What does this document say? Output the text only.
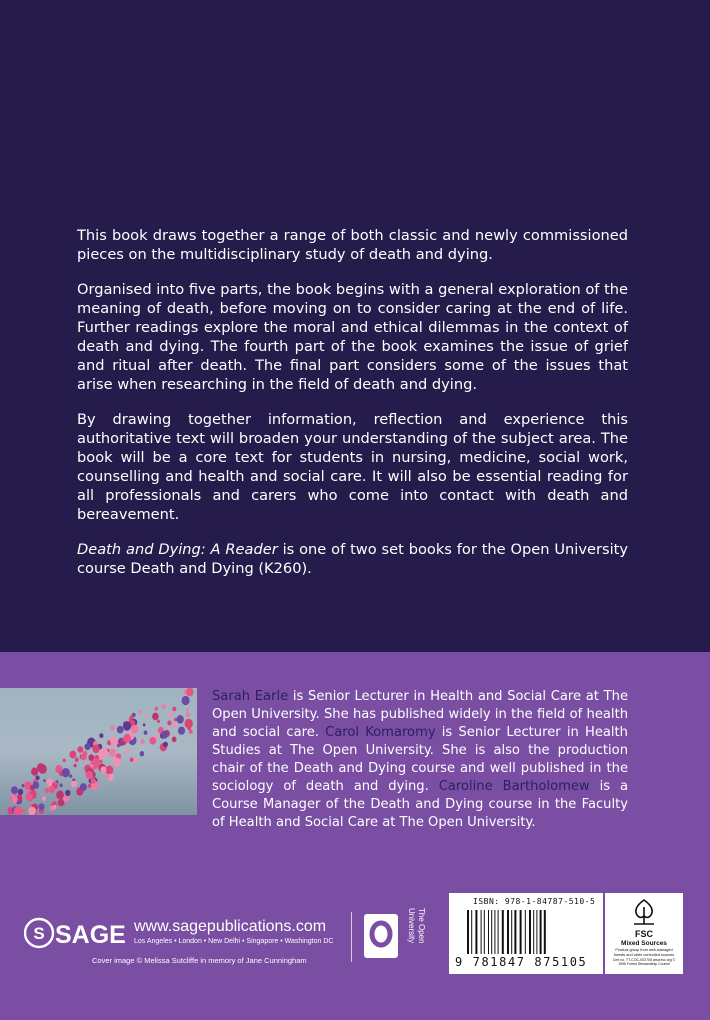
This book draws together a range of both classic and newly commissioned pieces on the multidisciplinary study of death and dying.

Organised into five parts, the book begins with a general exploration of the meaning of death, before moving on to consider caring at the end of life. Further readings explore the moral and ethical dilemmas in the context of death and dying. The fourth part of the book examines the issue of grief and ritual after death. The final part considers some of the issues that arise when researching in the field of death and dying.

By drawing together information, reflection and experience this authoritative text will broaden your understanding of the subject area. The book will be a core text for students in nursing, medicine, social work, counselling and health and social care. It will also be essential reading for all professionals and carers who come into contact with death and bereavement.

Death and Dying: A Reader is one of two set books for the Open University course Death and Dying (K260).

Sarah Earle is Senior Lecturer in Health and Social Care at The Open University. She has published widely in the field of health and social care. Carol Komaromy is Senior Lecturer in Health Studies at The Open University. She is also the production chair of the Death and Dying course and well published in the sociology of death and dying. Caroline Bartholomew is a Course Manager of the Death and Dying course in the Faculty of Health and Social Care at The Open University.
S SAGE www.sagepublications.com
Los Angeles • London • New Delhi • Singapore • Washington DC	The Open
University
Cover image © Melissa Sutcliffe in memory of Jane Cunningham
ISBN: 978-1-84787-510-5
9 781847 875105
FSC
Mixed Sources
Product group from well-managed forests and other controlled sources
Cert no. TT-COC-002705 www.fsc.org © 1996 Forest Stewardship Council
